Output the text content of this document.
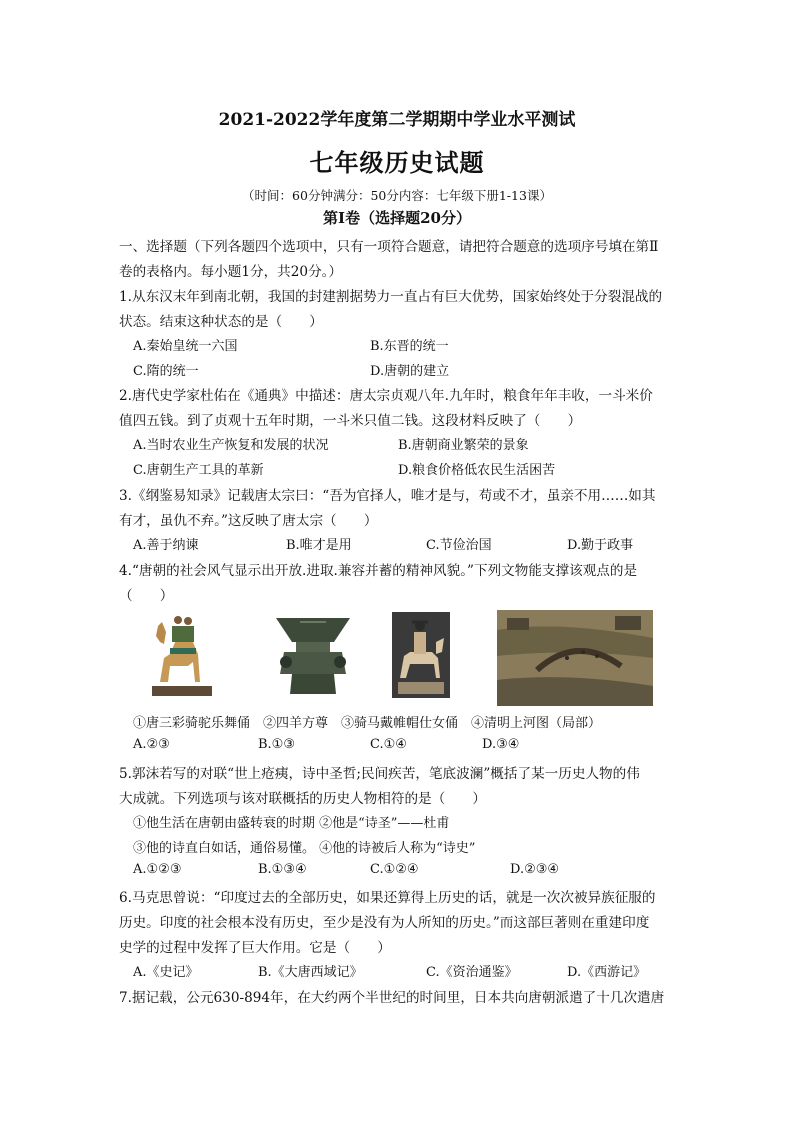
2021-2022学年度第二学期期中学业水平测试
七年级历史试题
（时间：60分钟满分：50分内容：七年级下册1-13课）
第Ⅰ卷（选择题20分）
一、选择题（下列各题四个选项中，只有一项符合题意，请把符合题意的选项序号填在第Ⅱ
卷的表格内。每小题1分，共20分。）
1.从东汉末年到南北朝，我国的封建割据势力一直占有巨大优势，国家始终处于分裂混战的
状态。结束这种状态的是（　　）
A.秦始皇统一六国	B.东晋的统一
C.隋的统一	D.唐朝的建立
2.唐代史学家杜佑在《通典》中描述：唐太宗贞观八年.九年时，粮食年年丰收，一斗米价
值四五钱。到了贞观十五年时期，一斗米只值二钱。这段材料反映了（　　）
A.当时农业生产恢复和发展的状况	B.唐朝商业繁荣的景象
C.唐朝生产工具的革新	D.粮食价格低农民生活困苦
3.《纲鉴易知录》记载唐太宗曰：“吾为官择人，唯才是与，苟或不才，虽亲不用……如其
有才，虽仇不弃。”这反映了唐太宗（　　）
A.善于纳谏	B.唯才是用	C.节俭治国	D.勤于政事
4.“唐朝的社会风气显示出开放.进取.兼容并蓄的精神风貌。”下列文物能支撑该观点的是
（　　）
①唐三彩骑驼乐舞俑　②四羊方尊　③骑马戴帷帽仕女俑　④清明上河图（局部）
A.②③	B.①③	C.①④	D.③④
5.郭沫若写的对联“世上疮痍，诗中圣哲;民间疾苦，笔底波澜”概括了某一历史人物的伟
大成就。下列选项与该对联概括的历史人物相符的是（　　）
①他生活在唐朝由盛转衰的时期 ②他是“诗圣”——杜甫
③他的诗直白如话，通俗易懂。 ④他的诗被后人称为“诗史”
A.①②③	B.①③④	C.①②④	D.②③④
6.马克思曾说：“印度过去的全部历史，如果还算得上历史的话，就是一次次被异族征服的
历史。印度的社会根本没有历史，至少是没有为人所知的历史。”而这部巨著则在重建印度
史学的过程中发挥了巨大作用。它是（　　）
A.《史记》	B.《大唐西域记》	C.《资治通鉴》	D.《西游记》
7.据记载，公元630-894年，在大约两个半世纪的时间里，日本共向唐朝派遣了十几次遣唐
